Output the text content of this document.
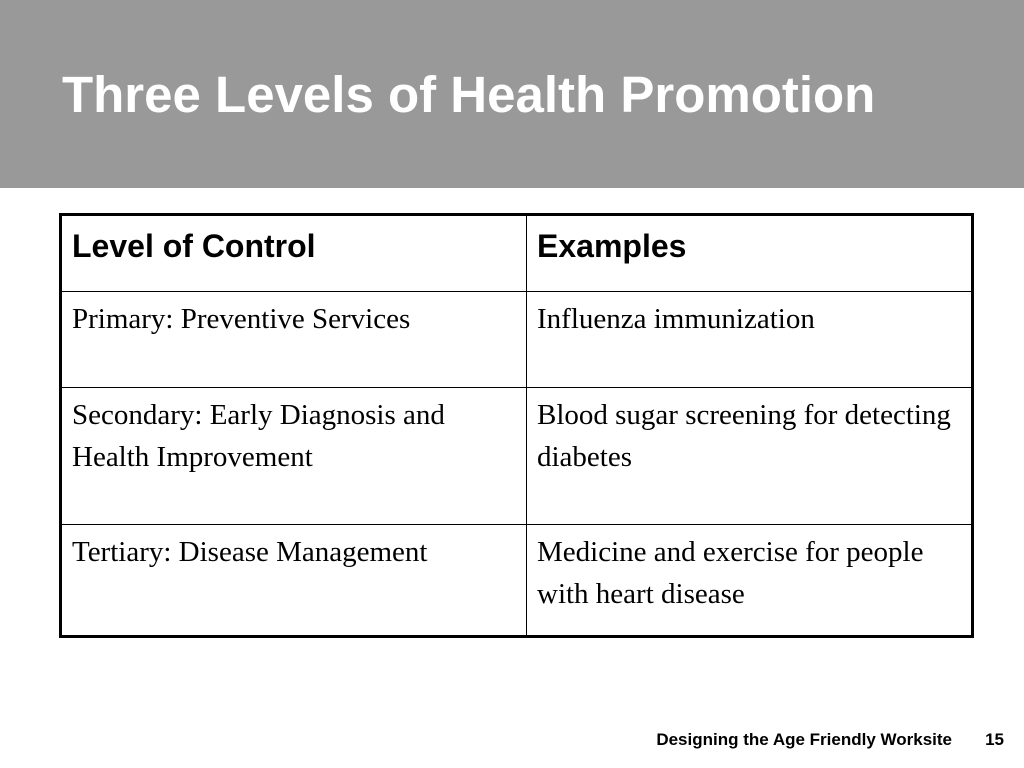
Three Levels of Health Promotion
Level of Control	Examples
Primary: Preventive Services	Influenza immunization
Secondary: Early Diagnosis and Health Improvement	Blood sugar screening for detecting diabetes
Tertiary: Disease Management	Medicine and exercise for people with heart disease
Designing the Age Friendly Worksite 15
